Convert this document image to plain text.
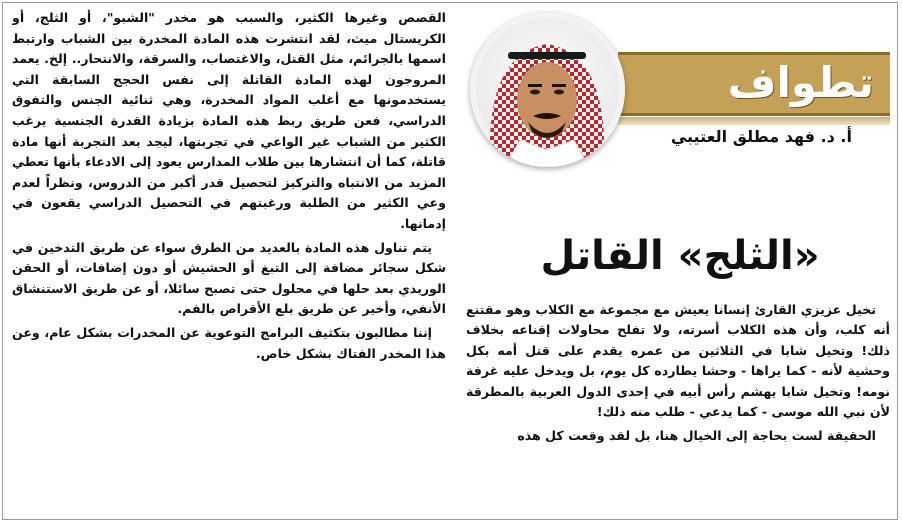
القصص وغيرها الكثير، والسبب هو مخدر "الشبو"، أو الثلج، أو الكريستال ميث، لقد انتشرت هذه المادة المخدرة بين الشباب وارتبط اسمها بالجرائم، مثل القتل، والاغتصاب، والسرقة، والانتحار.. إلخ. يعمد المروجون لهذه المادة القاتلة إلى نفس الحجج السابقة التي يستخدمونها مع أغلب المواد المخدرة، وهي ثنائية الجنس والتفوق الدراسي، فعن طريق ربط هذه المادة بزيادة القدرة الجنسية يرغب الكثير من الشباب غير الواعي في تجربتها، ليجد بعد التجربة أنها مادة قاتلة، كما أن انتشارها بين طلاب المدارس يعود إلى الادعاء بأنها تعطي المزيد من الانتباه والتركيز لتحصيل قدر أكبر من الدروس، ونظراً لعدم وعي الكثير من الطلبة ورغبتهم في التحصيل الدراسي يقعون في إدمانها.

يتم تناول هذه المادة بالعديد من الطرق سواء عن طريق التدخين في شكل سجائر مضافة إلى التبغ أو الحشيش أو دون إضافات، أو الحقن الوريدي بعد حلها في محلول حتى تصبح سائلا، أو عن طريق الاستنشاق الأنفي، وأخير عن طريق بلع الأقراص بالفم.

إننا مطالبون بتكثيف البرامج التوعوية عن المخدرات بشكل عام، وعن هذا المخدر الفتاك بشكل خاص.

تطواف
أ. د. فهد مطلق العتيبي
«الثلج» القاتل

تخيل عزيزي القارئ إنسانا يعيش مع مجموعة مع الكلاب وهو مقتنع أنه كلب، وأن هذه الكلاب أسرته، ولا تفلح محاولات إقناعه بخلاف ذلك! وتخيل شابا في الثلاثين من عمره يقدم على قتل أمه بكل وحشية لأنه - كما يراها - وحشا يطارده كل يوم، بل ويدخل عليه غرفة نومه! وتخيل شابا يهشم رأس أبيه في إحدى الدول العربية بالمطرقة لأن نبي الله موسى - كما يدعي - طلب منه ذلك!

الحقيقة لست بحاجة إلى الخيال هنا، بل لقد وقعت كل هذه
